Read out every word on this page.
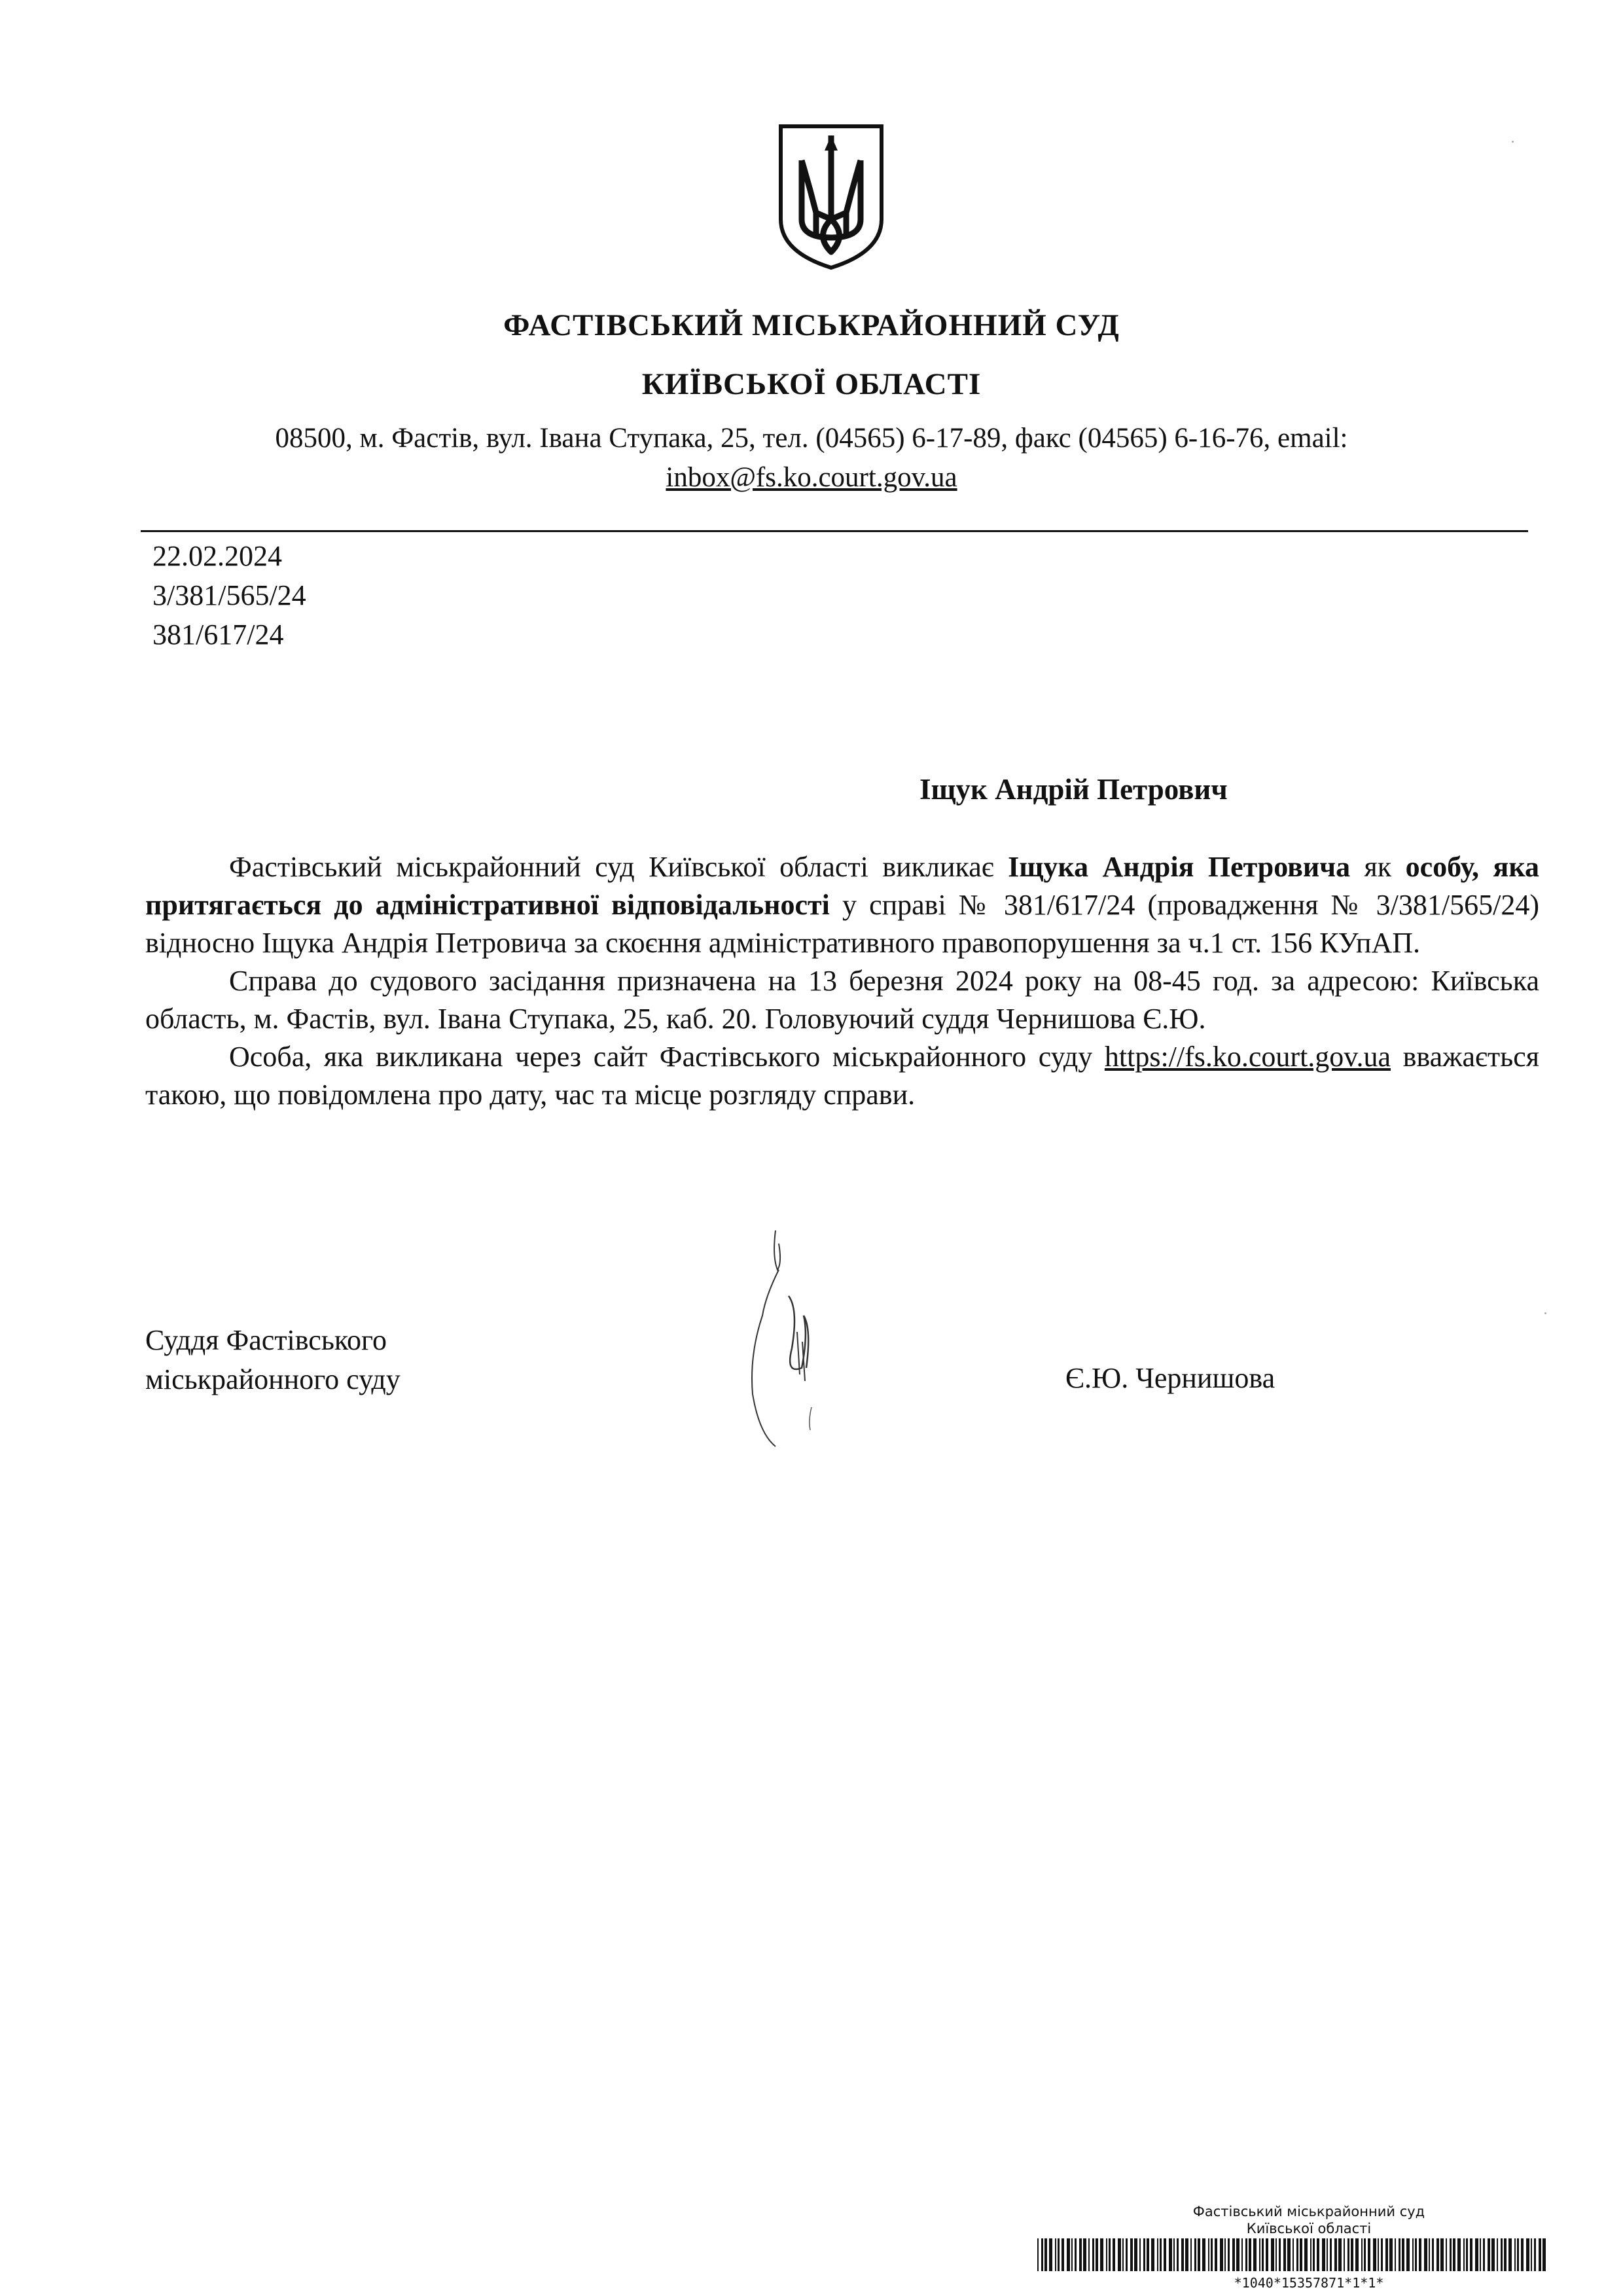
ФАСТІВСЬКИЙ МІСЬКРАЙОННИЙ СУД
КИЇВСЬКОЇ ОБЛАСТІ
08500, м. Фастів, вул. Івана Ступака, 25, тел. (04565) 6-17-89, факс (04565) 6-16-76, email:
inbox@fs.ko.court.gov.ua
22.02.2024
3/381/565/24
381/617/24
Іщук Андрій Петрович

Фастівський міськрайонний суд Київської області викликає Іщука Андрія Петровича як особу, яка притягається до адміністративної відповідальності у справі № 381/617/24 (провадження № 3/381/565/24) відносно Іщука Андрія Петровича за скоєння адміністративного правопорушення за ч.1 ст. 156 КУпАП.

Справа до судового засідання призначена на 13 березня 2024 року на 08-45 год. за адресою: Київська область, м. Фастів, вул. Івана Ступака, 25, каб. 20. Головуючий суддя Чернишова Є.Ю.

Особа, яка викликана через сайт Фастівського міськрайонного суду https://fs.ko.court.gov.ua вважається такою, що повідомлена про дату, час та місце розгляду справи.

Суддя Фастівського
міськрайонного суду	Є.Ю. Чернишова
Фастівський міськрайонний суд
Київської області
*1040*15357871*1*1*
